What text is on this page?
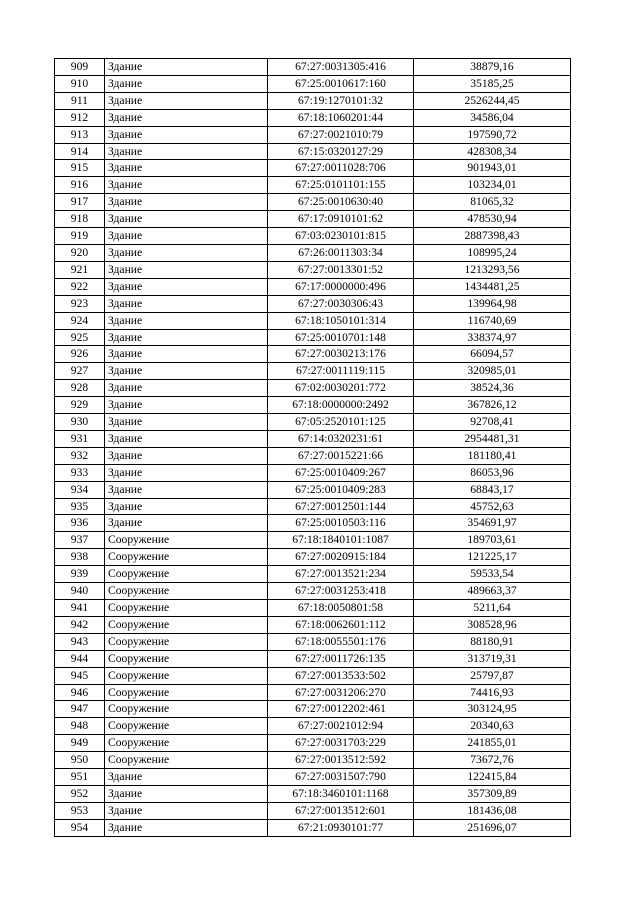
909	Здание	67:27:0031305:416	38879,16
910	Здание	67:25:0010617:160	35185,25
911	Здание	67:19:1270101:32	2526244,45
912	Здание	67:18:1060201:44	34586,04
913	Здание	67:27:0021010:79	197590,72
914	Здание	67:15:0320127:29	428308,34
915	Здание	67:27:0011028:706	901943,01
916	Здание	67:25:0101101:155	103234,01
917	Здание	67:25:0010630:40	81065,32
918	Здание	67:17:0910101:62	478530,94
919	Здание	67:03:0230101:815	2887398,43
920	Здание	67:26:0011303:34	108995,24
921	Здание	67:27:0013301:52	1213293,56
922	Здание	67:17:0000000:496	1434481,25
923	Здание	67:27:0030306:43	139964,98
924	Здание	67:18:1050101:314	116740,69
925	Здание	67:25:0010701:148	338374,97
926	Здание	67:27:0030213:176	66094,57
927	Здание	67:27:0011119:115	320985,01
928	Здание	67:02:0030201:772	38524,36
929	Здание	67:18:0000000:2492	367826,12
930	Здание	67:05:2520101:125	92708,41
931	Здание	67:14:0320231:61	2954481,31
932	Здание	67:27:0015221:66	181180,41
933	Здание	67:25:0010409:267	86053,96
934	Здание	67:25:0010409:283	68843,17
935	Здание	67:27:0012501:144	45752,63
936	Здание	67:25:0010503:116	354691,97
937	Сооружение	67:18:1840101:1087	189703,61
938	Сооружение	67:27:0020915:184	121225,17
939	Сооружение	67:27:0013521:234	59533,54
940	Сооружение	67:27:0031253:418	489663,37
941	Сооружение	67:18:0050801:58	5211,64
942	Сооружение	67:18:0062601:112	308528,96
943	Сооружение	67:18:0055501:176	88180,91
944	Сооружение	67:27:0011726:135	313719,31
945	Сооружение	67:27:0013533:502	25797,87
946	Сооружение	67:27:0031206:270	74416,93
947	Сооружение	67:27:0012202:461	303124,95
948	Сооружение	67:27:0021012:94	20340,63
949	Сооружение	67:27:0031703:229	241855,01
950	Сооружение	67:27:0013512:592	73672,76
951	Здание	67:27:0031507:790	122415,84
952	Здание	67:18:3460101:1168	357309,89
953	Здание	67:27:0013512:601	181436,08
954	Здание	67:21:0930101:77	251696,07
